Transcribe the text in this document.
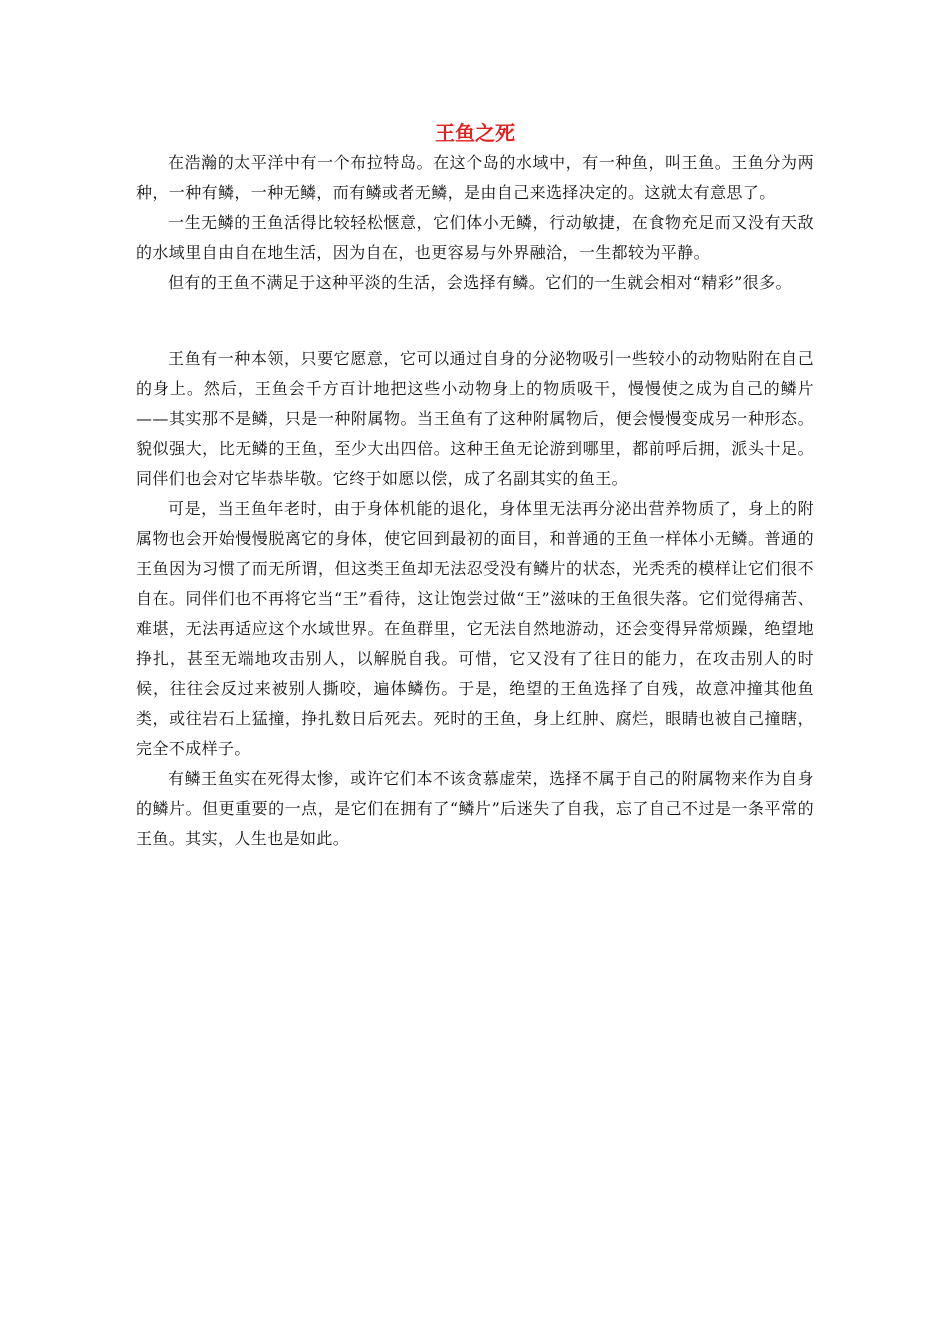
王鱼之死

在浩瀚的太平洋中有一个布拉特岛。在这个岛的水域中，有一种鱼，叫王鱼。王鱼分为两种，一种有鳞，一种无鳞，而有鳞或者无鳞，是由自己来选择决定的。这就太有意思了。

一生无鳞的王鱼活得比较轻松惬意，它们体小无鳞，行动敏捷，在食物充足而又没有天敌的水域里自由自在地生活，因为自在，也更容易与外界融洽，一生都较为平静。

但有的王鱼不满足于这种平淡的生活，会选择有鳞。它们的一生就会相对“精彩”很多。

王鱼有一种本领，只要它愿意，它可以通过自身的分泌物吸引一些较小的动物贴附在自己的身上。然后，王鱼会千方百计地把这些小动物身上的物质吸干，慢慢使之成为自己的鳞片——其实那不是鳞，只是一种附属物。当王鱼有了这种附属物后，便会慢慢变成另一种形态。貌似强大，比无鳞的王鱼，至少大出四倍。这种王鱼无论游到哪里，都前呼后拥，派头十足。同伴们也会对它毕恭毕敬。它终于如愿以偿，成了名副其实的鱼王。

可是，当王鱼年老时，由于身体机能的退化，身体里无法再分泌出营养物质了，身上的附属物也会开始慢慢脱离它的身体，使它回到最初的面目，和普通的王鱼一样体小无鳞。普通的王鱼因为习惯了而无所谓，但这类王鱼却无法忍受没有鳞片的状态，光秃秃的模样让它们很不自在。同伴们也不再将它当“王”看待，这让饱尝过做“王”滋味的王鱼很失落。它们觉得痛苦、难堪，无法再适应这个水域世界。在鱼群里，它无法自然地游动，还会变得异常烦躁，绝望地挣扎，甚至无端地攻击别人，以解脱自我。可惜，它又没有了往日的能力，在攻击别人的时候，往往会反过来被别人撕咬，遍体鳞伤。于是，绝望的王鱼选择了自残，故意冲撞其他鱼类，或往岩石上猛撞，挣扎数日后死去。死时的王鱼，身上红肿、腐烂，眼睛也被自己撞瞎，完全不成样子。

有鳞王鱼实在死得太惨，或许它们本不该贪慕虚荣，选择不属于自己的附属物来作为自身的鳞片。但更重要的一点，是它们在拥有了“鳞片”后迷失了自我，忘了自己不过是一条平常的王鱼。其实，人生也是如此。
